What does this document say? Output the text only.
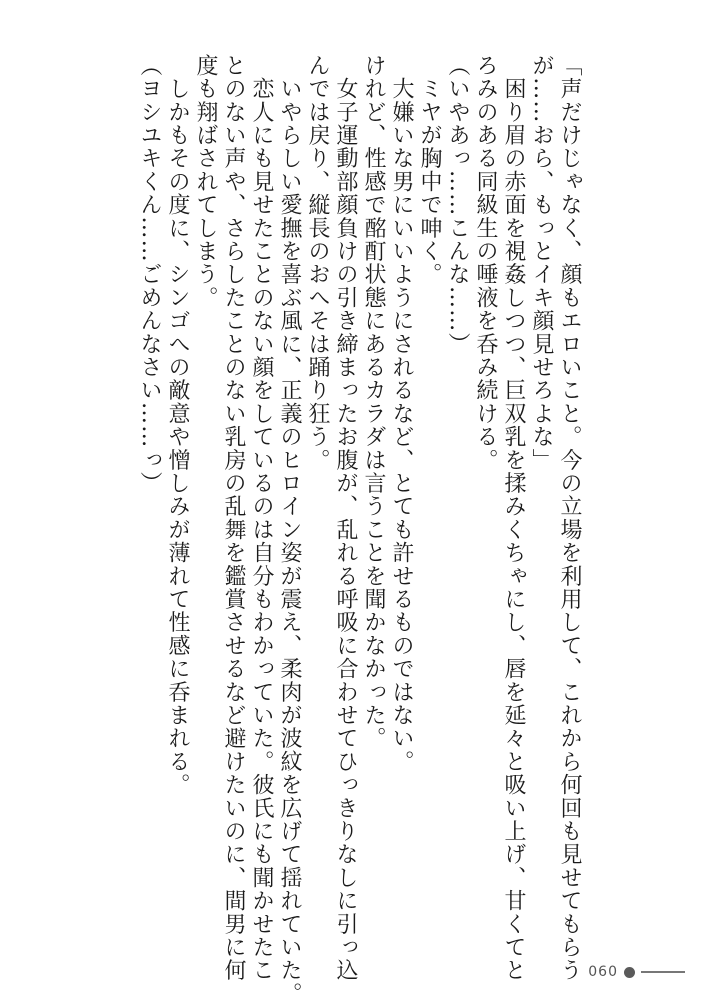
「声だけじゃなく、顔もエロいこと。今の立場を利用して、これから何回も見せてもらう
が……おら、もっとイキ顔見せろよな」
　困り眉の赤面を視姦しつつ、巨双乳を揉みくちゃにし、唇を延々と吸い上げ、甘くてと
ろみのある同級生の唾液を呑み続ける。
（いやあっ……こんな……）
　ミヤが胸中で呻く。
　大嫌いな男にいいようにされるなど、とても許せるものではない。
けれど、性感で酩酊状態にあるカラダは言うことを聞かなかった。
　女子運動部顔負けの引き締まったお腹が、乱れる呼吸に合わせてひっきりなしに引っ込
んでは戻り、縦長のおへそは踊り狂う。
　いやらしい愛撫を喜ぶ風に、正義のヒロイン姿が震え、柔肉が波紋を広げて揺れていた。
　恋人にも見せたことのない顔をしているのは自分もわかっていた。彼氏にも聞かせたこ
とのない声や、さらしたことのない乳房の乱舞を鑑賞させるなど避けたいのに、間男に何
度も翔ばされてしまう。
　しかもその度に、シンゴへの敵意や憎しみが薄れて性感に呑まれる。
（ヨシユキくん……ごめんなさい……っ）
060
